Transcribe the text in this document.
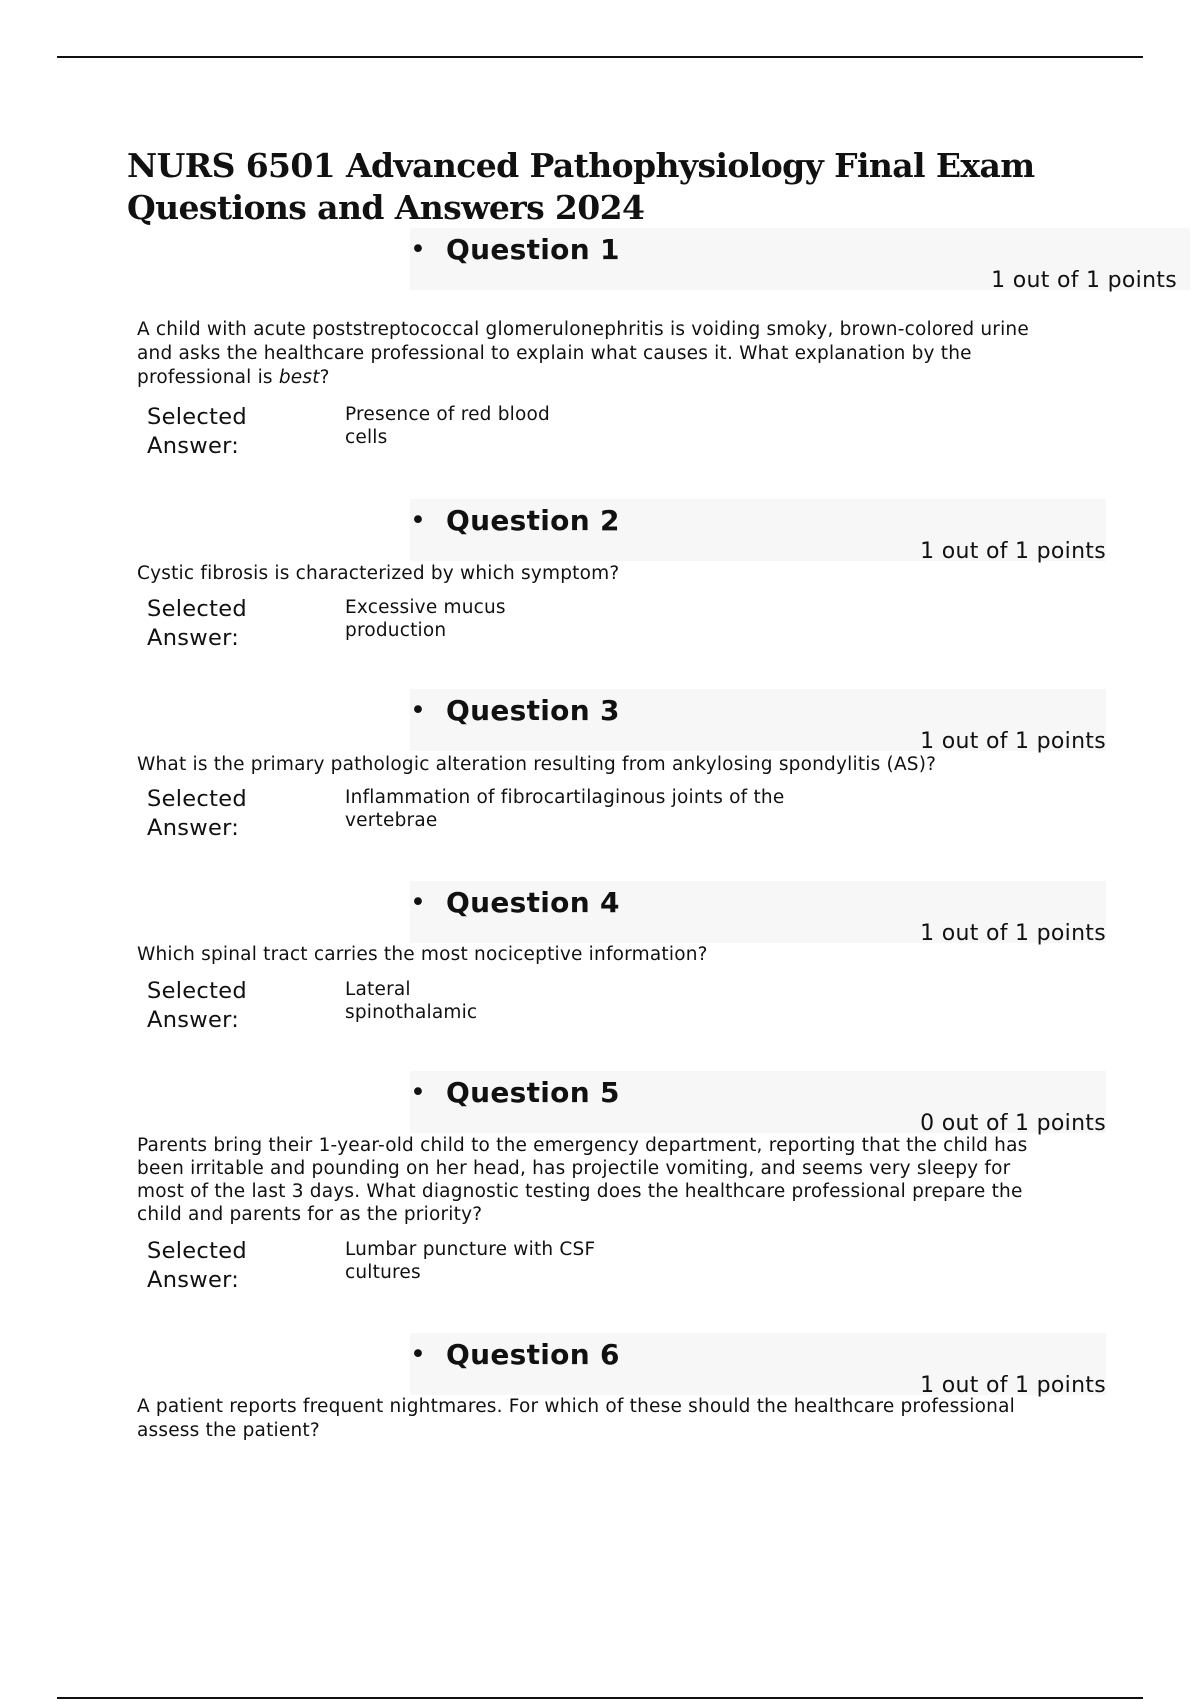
NURS 6501 Advanced Pathophysiology Final Exam Questions and Answers 2024
• Question 1
1 out of 1 points
A child with acute poststreptococcal glomerulonephritis is voiding smoky, brown-colored urine and asks the healthcare professional to explain what causes it. What explanation by the professional is best?
Selected Answer:
Presence of red blood
cells
• Question 2
1 out of 1 points
Cystic fibrosis is characterized by which symptom?
Selected Answer:
Excessive mucus
production
• Question 3
1 out of 1 points
What is the primary pathologic alteration resulting from ankylosing spondylitis (AS)?
Selected Answer:
Inflammation of fibrocartilaginous joints of the
vertebrae
• Question 4
1 out of 1 points
Which spinal tract carries the most nociceptive information?
Selected Answer:
Lateral
spinothalamic
• Question 5
0 out of 1 points
Parents bring their 1-year-old child to the emergency department, reporting that the child has been irritable and pounding on her head, has projectile vomiting, and seems very sleepy for most of the last 3 days. What diagnostic testing does the healthcare professional prepare the child and parents for as the priority?
Selected Answer:
Lumbar puncture with CSF
cultures
• Question 6
1 out of 1 points
A patient reports frequent nightmares. For which of these should the healthcare professional assess the patient?
